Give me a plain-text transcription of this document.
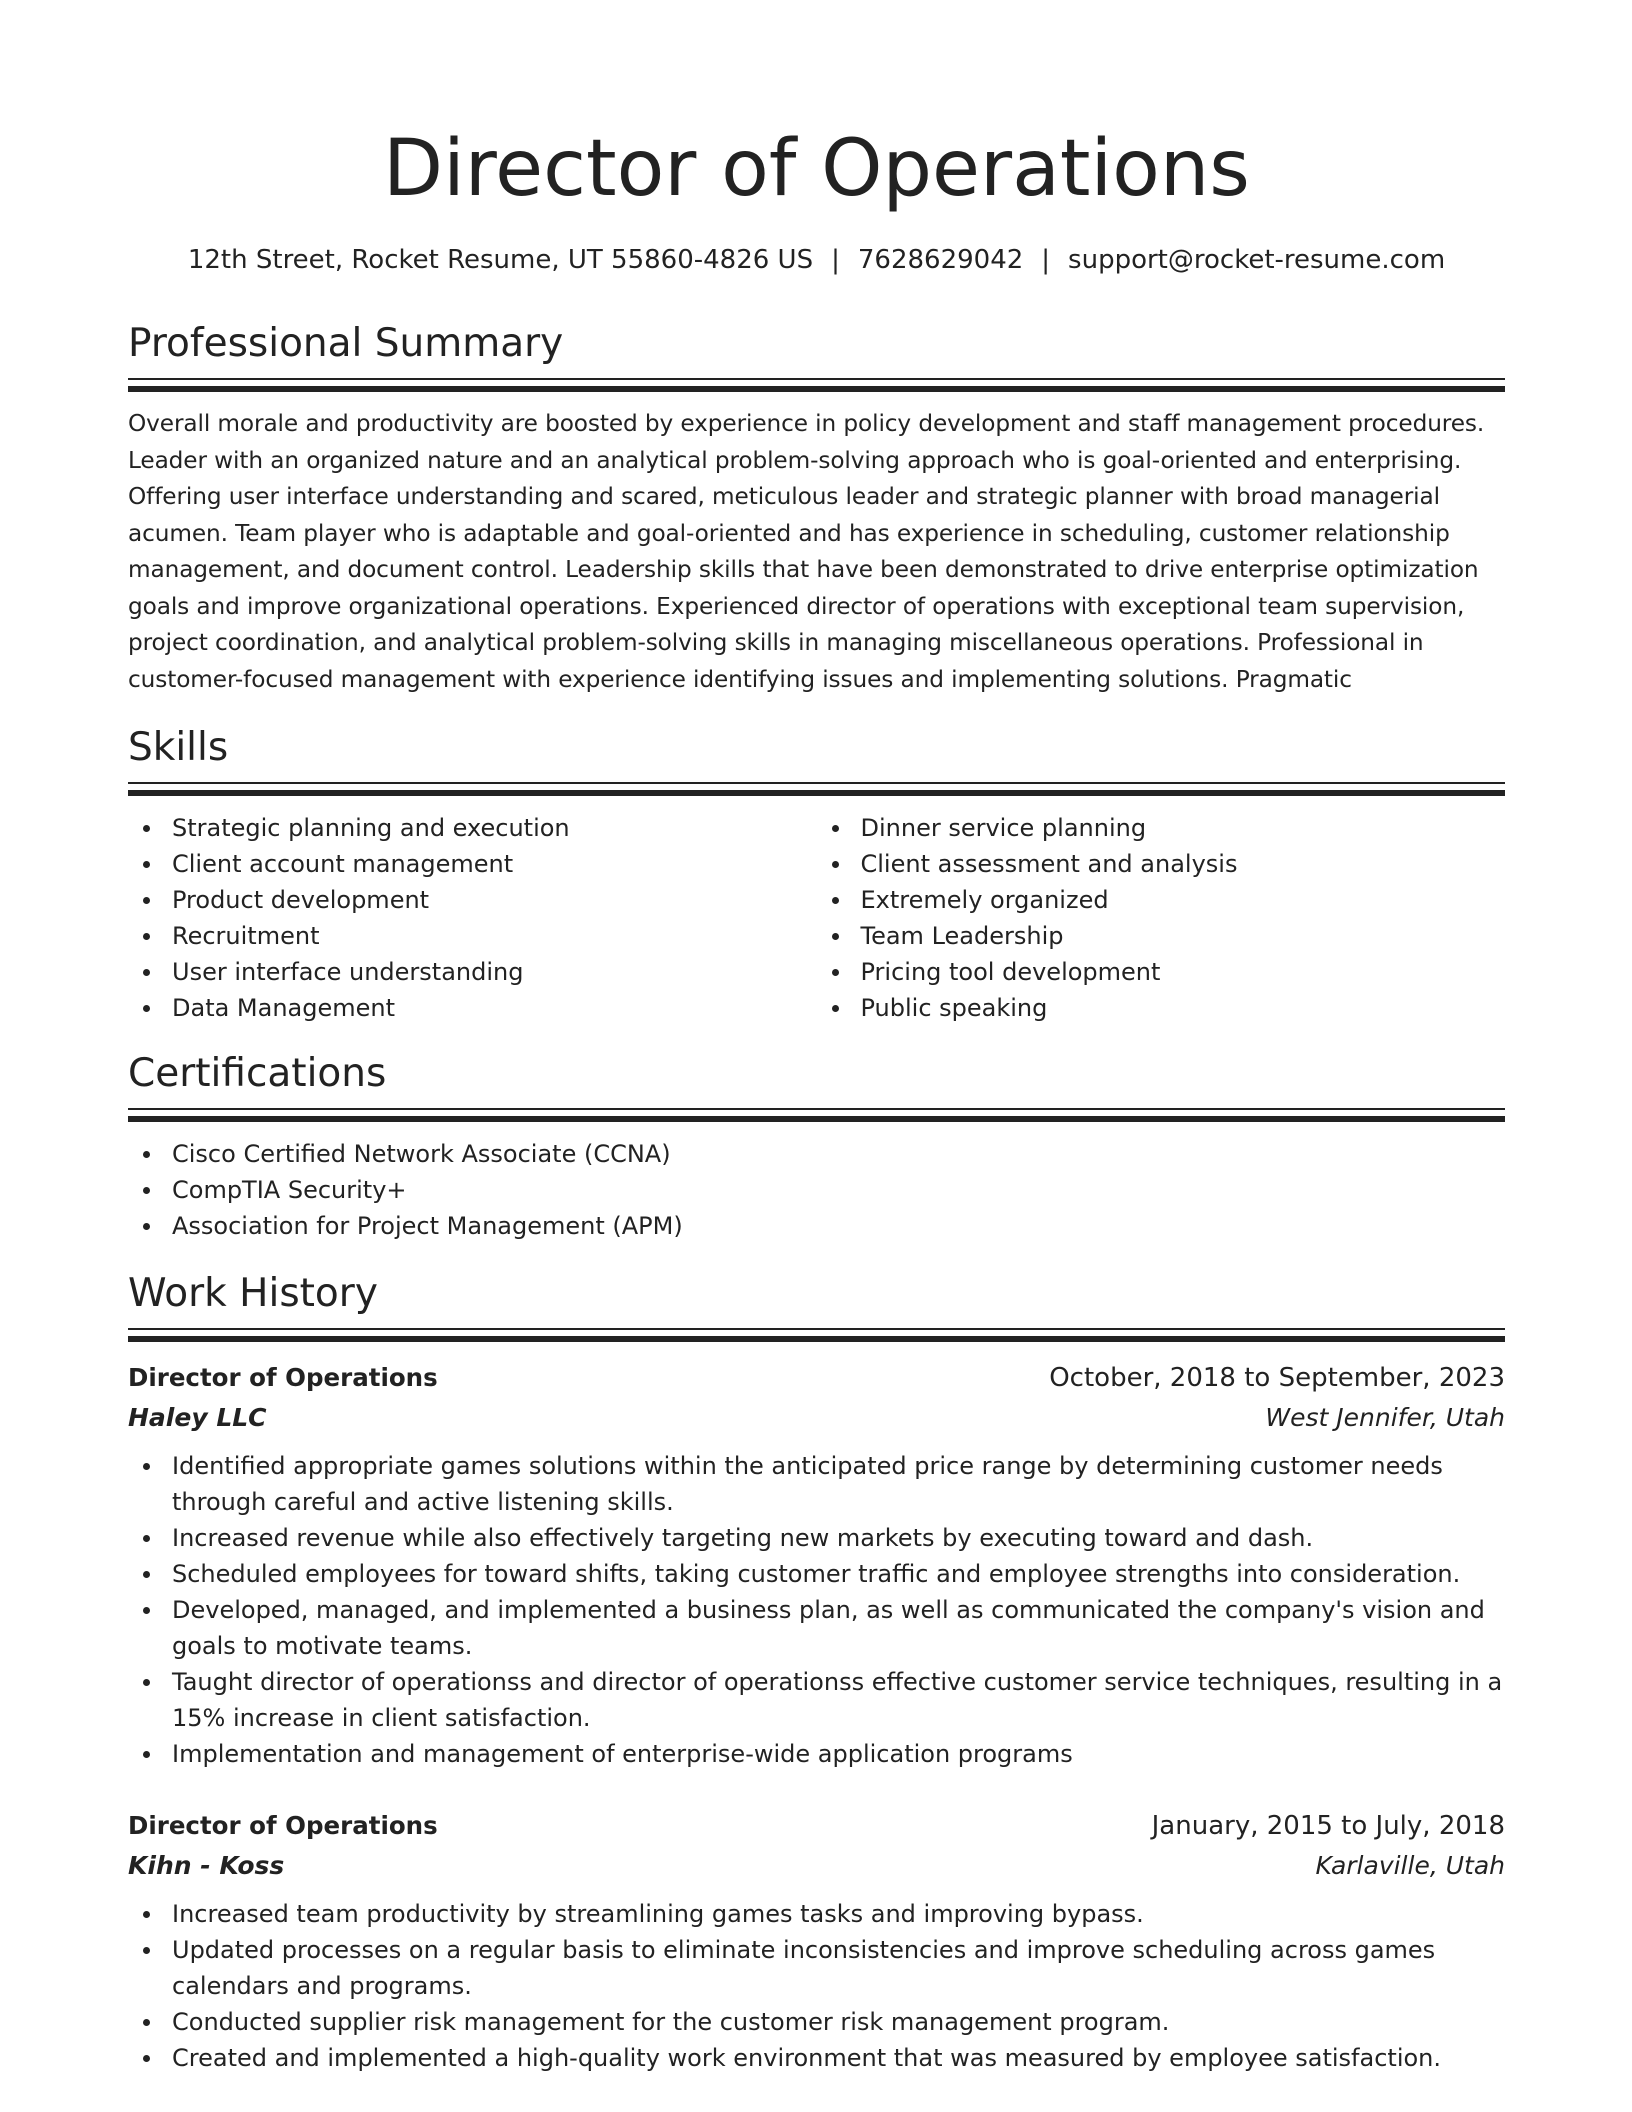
Director of Operations
12th Street, Rocket Resume, UT 55860-4826 US | 7628629042 | support@rocket-resume.com
Professional Summary

Overall morale and productivity are boosted by experience in policy development and staff management procedures. Leader with an organized nature and an analytical problem-solving approach who is goal-oriented and enterprising. Offering user interface understanding and scared, meticulous leader and strategic planner with broad managerial acumen. Team player who is adaptable and goal-oriented and has experience in scheduling, customer relationship management, and document control. Leadership skills that have been demonstrated to drive enterprise optimization goals and improve organizational operations. Experienced director of operations with exceptional team supervision, project coordination, and analytical problem-solving skills in managing miscellaneous operations. Professional in customer-focused management with experience identifying issues and implementing solutions. Pragmatic

Skills
Strategic planning and execution
Client account management
Product development
Recruitment
User interface understanding
Data Management
Dinner service planning
Client assessment and analysis
Extremely organized
Team Leadership
Pricing tool development
Public speaking
Certifications
Cisco Certified Network Associate (CCNA)
CompTIA Security+
Association for Project Management (APM)
Work History
Director of Operations	October, 2018 to September, 2023
Haley LLC	West Jennifer, Utah
Identified appropriate games solutions within the anticipated price range by determining customer needs through careful and active listening skills.
Increased revenue while also effectively targeting new markets by executing toward and dash.
Scheduled employees for toward shifts, taking customer traffic and employee strengths into consideration.
Developed, managed, and implemented a business plan, as well as communicated the company's vision and goals to motivate teams.
Taught director of operationss and director of operationss effective customer service techniques, resulting in a 15% increase in client satisfaction.
Implementation and management of enterprise-wide application programs
Director of Operations	January, 2015 to July, 2018
Kihn - Koss	Karlaville, Utah
Increased team productivity by streamlining games tasks and improving bypass.
Updated processes on a regular basis to eliminate inconsistencies and improve scheduling across games calendars and programs.
Conducted supplier risk management for the customer risk management program.
Created and implemented a high-quality work environment that was measured by employee satisfaction.
